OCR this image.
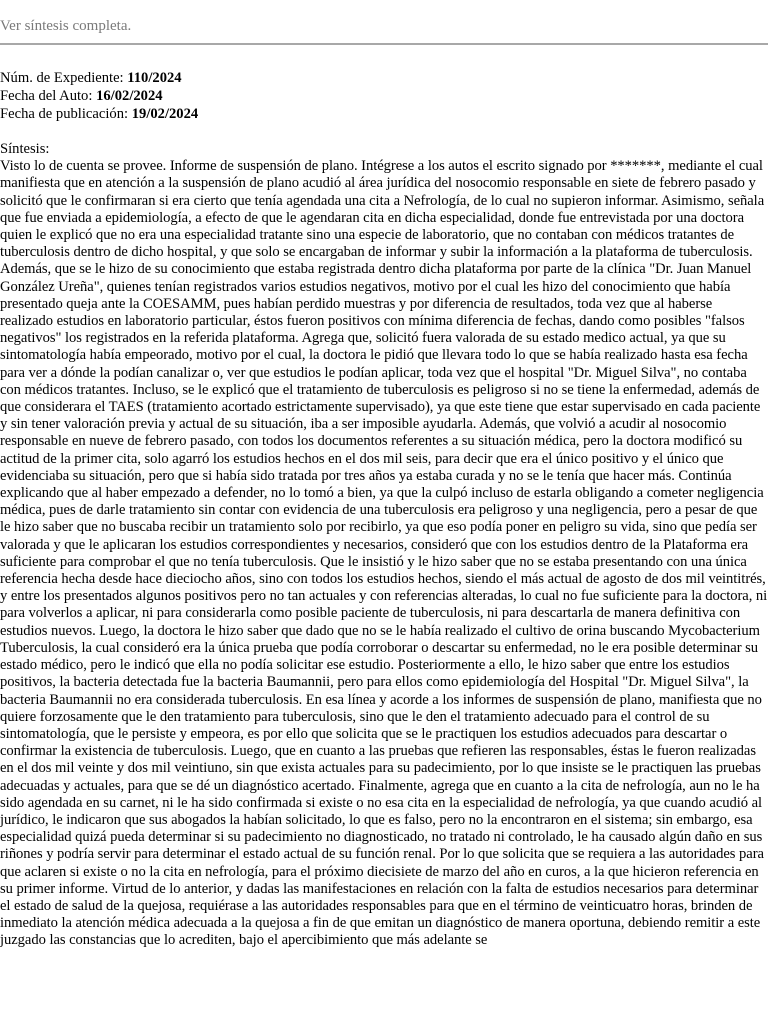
Ver síntesis completa.
Núm. de Expediente: 110/2024
Fecha del Auto: 16/02/2024
Fecha de publicación: 19/02/2024
Síntesis:

Visto lo de cuenta se provee. Informe de suspensión de plano. Intégrese a los autos el escrito signado por *******, mediante el cual manifiesta que en atención a la suspensión de plano acudió al área jurídica del nosocomio responsable en siete de febrero pasado y solicitó que le confirmaran si era cierto que tenía agendada una cita a Nefrología, de lo cual no supieron informar. Asimismo, señala que fue enviada a epidemiología, a efecto de que le agendaran cita en dicha especialidad, donde fue entrevistada por una doctora quien le explicó que no era una especialidad tratante sino una especie de laboratorio, que no contaban con médicos tratantes de tuberculosis dentro de dicho hospital, y que solo se encargaban de informar y subir la información a la plataforma de tuberculosis. Además, que se le hizo de su conocimiento que estaba registrada dentro dicha plataforma por parte de la clínica "Dr. Juan Manuel González Ureña", quienes tenían registrados varios estudios negativos, motivo por el cual les hizo del conocimiento que había presentado queja ante la COESAMM, pues habían perdido muestras y por diferencia de resultados, toda vez que al haberse realizado estudios en laboratorio particular, éstos fueron positivos con mínima diferencia de fechas, dando como posibles "falsos negativos" los registrados en la referida plataforma. Agrega que, solicitó fuera valorada de su estado medico actual, ya que su sintomatología había empeorado, motivo por el cual, la doctora le pidió que llevara todo lo que se había realizado hasta esa fecha para ver a dónde la podían canalizar o, ver que estudios le podían aplicar, toda vez que el hospital "Dr. Miguel Silva", no contaba con médicos tratantes. Incluso, se le explicó que el tratamiento de tuberculosis es peligroso si no se tiene la enfermedad, además de que considerara el TAES (tratamiento acortado estrictamente supervisado), ya que este tiene que estar supervisado en cada paciente y sin tener valoración previa y actual de su situación, iba a ser imposible ayudarla. Además, que volvió a acudir al nosocomio responsable en nueve de febrero pasado, con todos los documentos referentes a su situación médica, pero la doctora modificó su actitud de la primer cita, solo agarró los estudios hechos en el dos mil seis, para decir que era el único positivo y el único que evidenciaba su situación, pero que si había sido tratada por tres años ya estaba curada y no se le tenía que hacer más. Continúa explicando que al haber empezado a defender, no lo tomó a bien, ya que la culpó incluso de estarla obligando a cometer negligencia médica, pues de darle tratamiento sin contar con evidencia de una tuberculosis era peligroso y una negligencia, pero a pesar de que le hizo saber que no buscaba recibir un tratamiento solo por recibirlo, ya que eso podía poner en peligro su vida, sino que pedía ser valorada y que le aplicaran los estudios correspondientes y necesarios, consideró que con los estudios dentro de la Plataforma era suficiente para comprobar el que no tenía tuberculosis. Que le insistió y le hizo saber que no se estaba presentando con una única referencia hecha desde hace dieciocho años, sino con todos los estudios hechos, siendo el más actual de agosto de dos mil veintitrés, y entre los presentados algunos positivos pero no tan actuales y con referencias alteradas, lo cual no fue suficiente para la doctora, ni para volverlos a aplicar, ni para considerarla como posible paciente de tuberculosis, ni para descartarla de manera definitiva con estudios nuevos. Luego, la doctora le hizo saber que dado que no se le había realizado el cultivo de orina buscando Mycobacterium Tuberculosis, la cual consideró era la única prueba que podía corroborar o descartar su enfermedad, no le era posible determinar su estado médico, pero le indicó que ella no podía solicitar ese estudio. Posteriormente a ello, le hizo saber que entre los estudios positivos, la bacteria detectada fue la bacteria Baumannii, pero para ellos como epidemiología del Hospital "Dr. Miguel Silva", la bacteria Baumannii no era considerada tuberculosis. En esa línea y acorde a los informes de suspensión de plano, manifiesta que no quiere forzosamente que le den tratamiento para tuberculosis, sino que le den el tratamiento adecuado para el control de su sintomatología, que le persiste y empeora, es por ello que solicita que se le practiquen los estudios adecuados para descartar o confirmar la existencia de tuberculosis. Luego, que en cuanto a las pruebas que refieren las responsables, éstas le fueron realizadas en el dos mil veinte y dos mil veintiuno, sin que exista actuales para su padecimiento, por lo que insiste se le practiquen las pruebas adecuadas y actuales, para que se dé un diagnóstico acertado. Finalmente, agrega que en cuanto a la cita de nefrología, aun no le ha sido agendada en su carnet, ni le ha sido confirmada si existe o no esa cita en la especialidad de nefrología, ya que cuando acudió al jurídico, le indicaron que sus abogados la habían solicitado, lo que es falso, pero no la encontraron en el sistema; sin embargo, esa especialidad quizá pueda determinar si su padecimiento no diagnosticado, no tratado ni controlado, le ha causado algún daño en sus riñones y podría servir para determinar el estado actual de su función renal. Por lo que solicita que se requiera a las autoridades para que aclaren si existe o no la cita en nefrología, para el próximo diecisiete de marzo del año en curos, a la que hicieron referencia en su primer informe. Virtud de lo anterior, y dadas las manifestaciones en relación con la falta de estudios necesarios para determinar el estado de salud de la quejosa, requiérase a las autoridades responsables para que en el término de veinticuatro horas, brinden de inmediato la atención médica adecuada a la quejosa a fin de que emitan un diagnóstico de manera oportuna, debiendo remitir a este juzgado las constancias que lo acrediten, bajo el apercibimiento que más adelante se
